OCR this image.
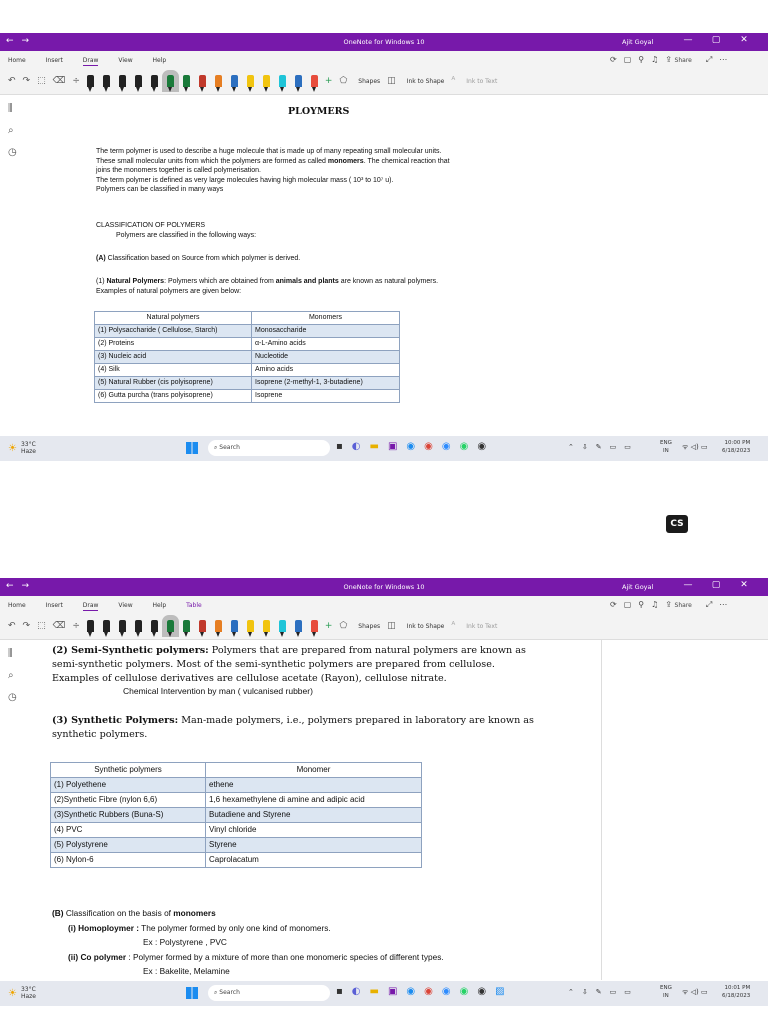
←→	OneNote for Windows 10	Ajit Goyal	— ▢ ✕
Home	Insert	Draw	View	Help	⟳ ▢ ⚲ ♫ ⇪ Share ⤢ ⋯
↶ ↷ ⬚ ⌫ ÷	+ ⬠ Shapes ◫ Ink to Shape ᴬ Ink to Text
⫼
⌕
◷
PLOYMERS
The term polymer is used to describe a huge molecule that is made up of many repeating small molecular units.
These small molecular units from which the polymers are formed as called monomers. The chemical reaction that
joins the monomers together is called polymerisation.
The term polymer is defined as very large molecules having high molecular mass ( 10³ to 10⁷ u).
Polymers can be classified in many ways
CLASSIFICATION OF POLYMERS
Polymers are classified in the following ways:
(A) Classification based on Source from which polymer is derived.
(1) Natural Polymers: Polymers which are obtained from animals and plants are known as natural polymers.
Examples of natural polymers are given below:
Natural polymers	Monomers
(1) Polysaccharide ( Cellulose, Starch)	Monosaccharide
(2) Proteins	α-L-Amino acids
(3) Nucleic acid	Nucleotide
(4) Silk	Amino acids
(5) Natural Rubber (cis polyisoprene)	Isoprene (2-methyl-1, 3-butadiene)
(6) Gutta purcha (trans polyisoprene)	Isoprene
☀ 33°C
Haze
⌕ Search	▪ ◐ ▬ ▣ ◉ ◉ ◉ ◉ ◉	⌃ ⇩ ✎ ▭ ▭	ENG
IN	ᯤ ◁) ▭	10:00 PM
6/18/2023
CS
←→	OneNote for Windows 10	Ajit Goyal	— ▢ ✕
Home	Insert	Draw	View	Help	Table	⟳ ▢ ⚲ ♫ ⇪ Share ⤢ ⋯
↶ ↷ ⬚ ⌫ ÷	+ ⬠ Shapes ◫ Ink to Shape ᴬ Ink to Text
⫼
⌕
◷
(2) Semi-Synthetic polymers: Polymers that are prepared from natural polymers are known as
semi-synthetic polymers. Most of the semi-synthetic polymers are prepared from cellulose.
Examples of cellulose derivatives are cellulose acetate (Rayon), cellulose nitrate.
Chemical Intervention by man ( vulcanised rubber)
(3) Synthetic Polymers: Man-made polymers, i.e., polymers prepared in laboratory are known as
synthetic polymers.
Synthetic polymers	Monomer
(1) Polyethene	ethene
(2)Synthetic Fibre (nylon 6,6)	1,6 hexamethylene di amine and adipic acid
(3)Synthetic Rubbers (Buna-S)	Butadiene and Styrene
(4) PVC	Vinyl chloride
(5) Polystyrene	Styrene
(6) Nylon-6	Caprolacatum
(B) Classification on the basis of monomers
(i) Homoploymer : The polymer formed by only one kind of monomers.
Ex : Polystyrene , PVC
(ii) Co polymer : Polymer formed by a mixture of more than one monomeric species of different types.
Ex : Bakelite, Melamine
☀ 33°C
Haze
⌕ Search	▪ ◐ ▬ ▣ ◉ ◉ ◉ ◉ ◉ ▨	⌃ ⇩ ✎ ▭ ▭	ENG
IN	ᯤ ◁) ▭	10:01 PM
6/18/2023
